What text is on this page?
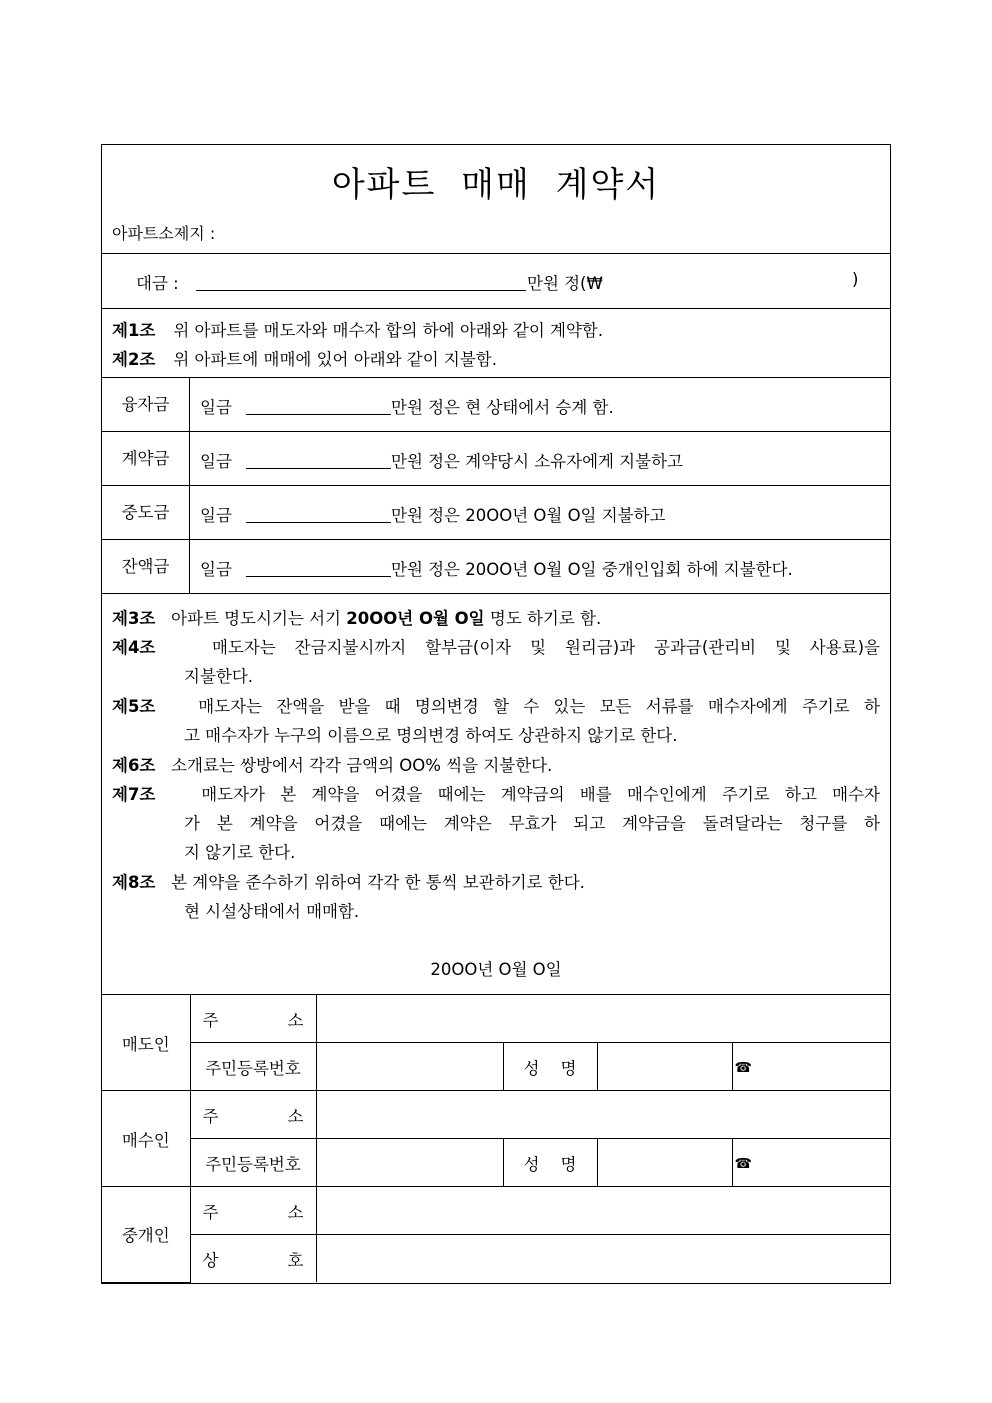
아파트 매매 계약서
아파트소제지 :
대금 :	만원 정(₩	)
제1조 위 아파트를 매도자와 매수자 합의 하에 아래와 같이 계약함.
제2조 위 아파트에 매매에 있어 아래와 같이 지불함.
융자금	일금	만원 정은 현 상태에서 승계 함.
계약금	일금	만원 정은 계약당시 소유자에게 지불하고
중도금	일금	만원 정은 20OO년 O월 O일 지불하고
잔액금	일금	만원 정은 20OO년 O월 O일 중개인입회 하에 지불한다.
제3조 아파트 명도시기는 서기 20OO년 O월 O일 명도 하기로 함.
제4조	매도자는 잔금지불시까지 할부금(이자 및 원리금)과 공과금(관리비 및 사용료)을
지불한다.
제5조	매도자는 잔액을 받을 때 명의변경 할 수 있는 모든 서류를 매수자에게 주기로 하
고 매수자가 누구의 이름으로 명의변경 하여도 상관하지 않기로 한다.
제6조 소개료는 쌍방에서 각각 금액의 OO% 씩을 지불한다.
제7조	매도자가 본 계약을 어겼을 때에는 계약금의 배를 매수인에게 주기로 하고 매수자
가 본 계약을 어겼을 때에는 계약은 무효가 되고 계약금을 돌려달라는 청구를 하
지 않기로 한다.
제8조 본 계약을 준수하기 위하여 각각 한 통씩 보관하기로 한다.
현 시설상태에서 매매함.
20OO년 O월 O일
매도인	주 소				

	주민등록번호		성 명		☎
매수인	주 소				

	주민등록번호		성 명		☎
중개인	주 소				

	상 호				
